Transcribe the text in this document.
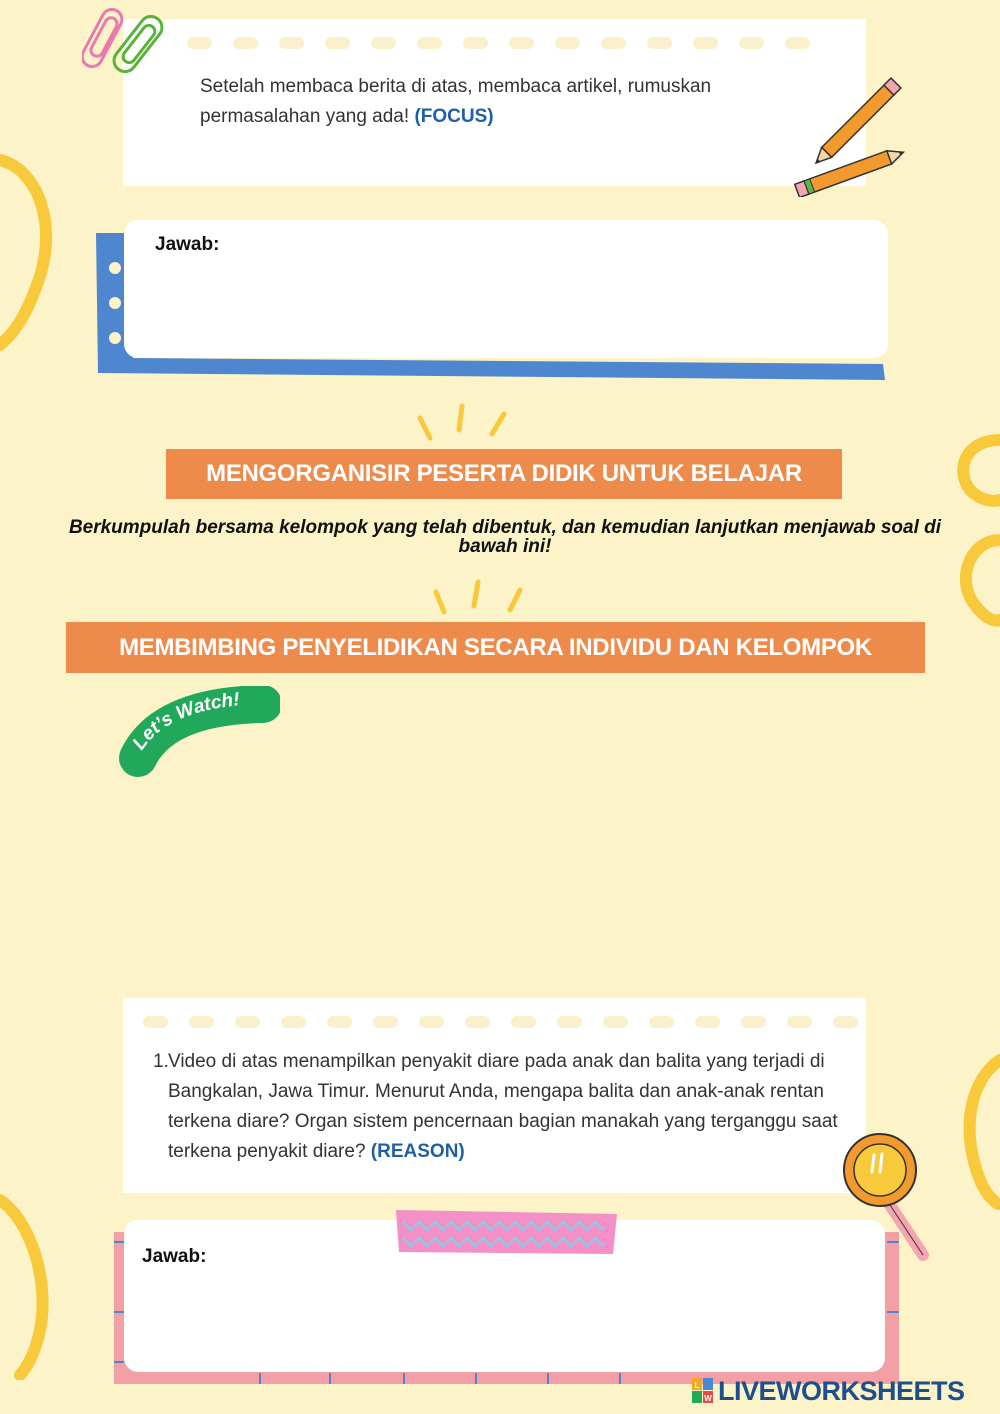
Setelah membaca berita di atas, membaca artikel, rumuskan permasalahan yang ada! (FOCUS)
Jawab:
MENGORGANISIR PESERTA DIDIK UNTUK BELAJAR
Berkumpulah bersama kelompok yang telah dibentuk, dan kemudian lanjutkan menjawab soal di bawah ini!
MEMBIMBING PENYELIDIKAN SECARA INDIVIDU DAN KELOMPOK
Let’s Watch!
1. Video di atas menampilkan penyakit diare pada anak dan balita yang terjadi di Bangkalan, Jawa Timur. Menurut Anda, mengapa balita dan anak-anak rentan terkena diare? Organ sistem pencernaan bagian manakah yang terganggu saat terkena penyakit diare? (REASON)
Jawab:
L
W LIVEWORKSHEETS
